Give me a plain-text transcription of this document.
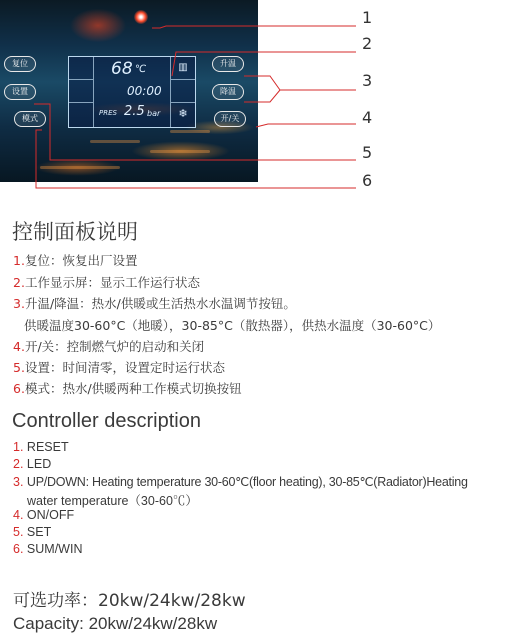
复位
设置
模式
升温
降温
开/关
▥
❄
68 ℃
00:00
PRES 2.5 bar
1
2
3
4
5
6
控制面板说明
1.复位：恢复出厂设置
2.工作显示屏：显示工作运行状态
3.升温/降温：热水/供暖或生活热水水温调节按钮。
供暖温度30-60°C（地暖），30-85°C（散热器），供热水温度（30-60°C）
4.开/关：控制燃气炉的启动和关闭
5.设置：时间清零，设置定时运行状态
6.模式：热水/供暖两种工作模式切换按钮
Controller description
1. RESET
2. LED
3. UP/DOWN: Heating temperature 30-60℃(floor heating), 30-85℃(Radiator)Heating
water temperature（30-60℃）
4. ON/OFF
5. SET
6. SUM/WIN
可选功率：20kw/24kw/28kw
Capacity: 20kw/24kw/28kw
